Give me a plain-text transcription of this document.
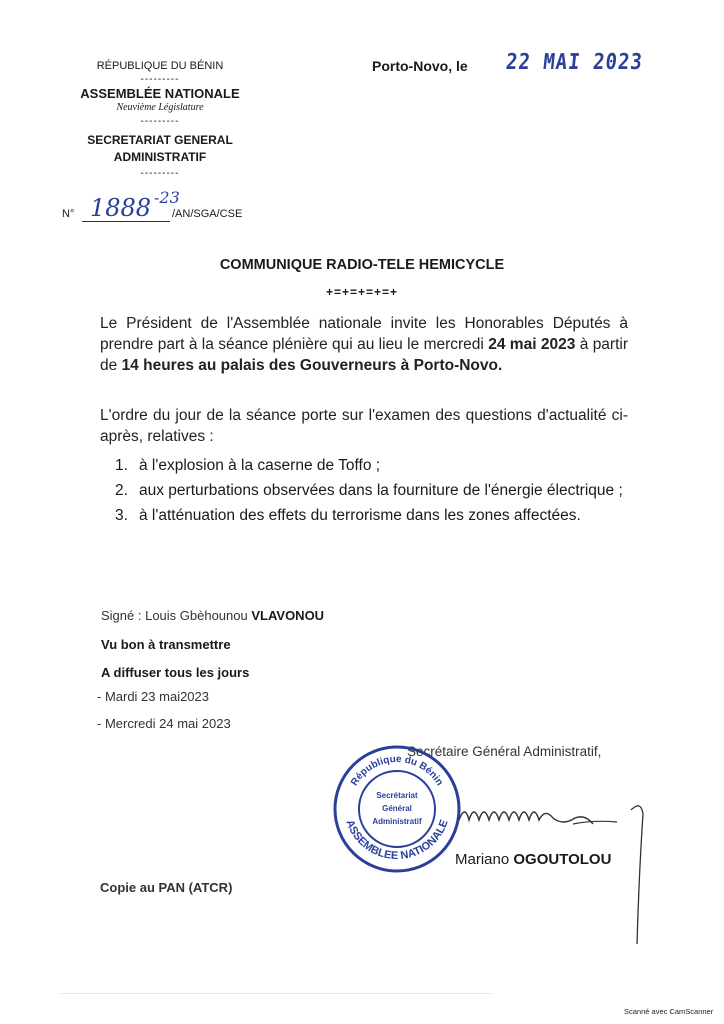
RÉPUBLIQUE DU BÉNIN
---------
ASSEMBLÉE NATIONALE
Neuvième Législature
---------
SECRETARIAT GENERAL
ADMINISTRATIF
---------
N° 1888 -23
/AN/SGA/CSE
Porto-Novo, le 22 MAI 2023
COMMUNIQUE RADIO-TELE HEMICYCLE
+=+=+=+=+
Le Président de l'Assemblée nationale invite les Honorables Députés à prendre part à la séance plénière qui au lieu le mercredi 24 mai 2023 à partir de 14 heures au palais des Gouverneurs à Porto-Novo.
L'ordre du jour de la séance porte sur l'examen des questions d'actualité ci-après, relatives :
1. à l'explosion à la caserne de Toffo ;
2. aux perturbations observées dans la fourniture de l'énergie électrique ;
3. à l'atténuation des effets du terrorisme dans les zones affectées.
Signé : Louis Gbèhounou VLAVONOU
Vu bon à transmettre
A diffuser tous les jours
- Mardi 23 mai2023
- Mercredi 24 mai 2023
Secrétaire Général Administratif,
République du Bénin
ASSEMBLEE NATIONALE
Secrétariat
Général
Administratif
Mariano OGOUTOLOU
Copie au PAN (ATCR)
Scanné avec CamScanner
